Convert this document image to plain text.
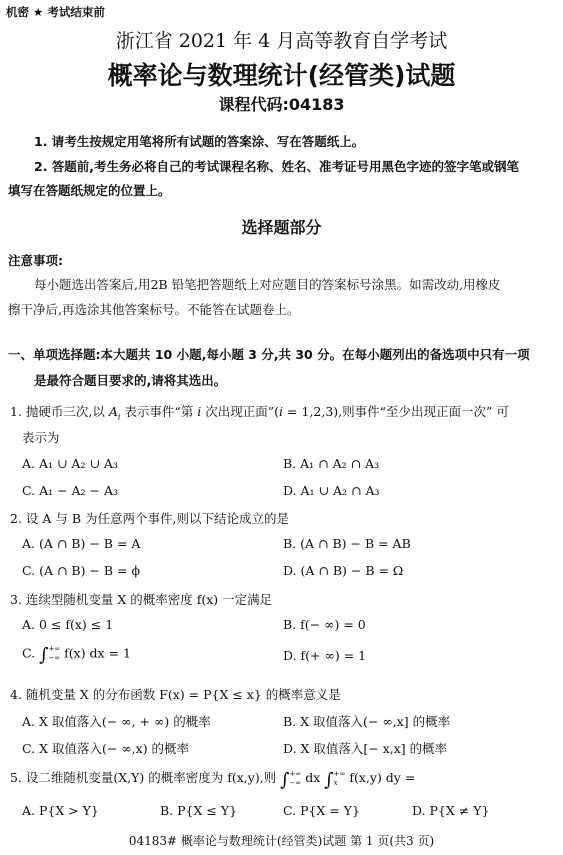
机密 ★ 考试结束前
浙江省 2021 年 4 月高等教育自学考试
概率论与数理统计(经管类)试题
课程代码:04183
1. 请考生按规定用笔将所有试题的答案涂、写在答题纸上。
2. 答题前,考生务必将自己的考试课程名称、姓名、准考证号用黑色字迹的签字笔或钢笔
填写在答题纸规定的位置上。
选择题部分
注意事项:
每小题选出答案后,用2B 铅笔把答题纸上对应题目的答案标号涂黑。如需改动,用橡皮
擦干净后,再选涂其他答案标号。不能答在试题卷上。
一、单项选择题:本大题共 10 小题,每小题 3 分,共 30 分。在每小题列出的备选项中只有一项
是最符合题目要求的,请将其选出。
1. 抛硬币三次,以 $A_i$ 表示事件“第 i 次出现正面”(i = 1,2,3),则事件“至少出现正面一次” 可
表示为
A. A₁ ∪ A₂ ∪ A₃	B. A₁ ∩ A₂ ∩ A₃
C. A₁ − A₂ − A₃	D. A₁ ∪ A₂ ∩ A₃
2. 设 A 与 B 为任意两个事件,则以下结论成立的是
A. (A ∩ B) − B = A	B. (A ∩ B) − B = AB
C. (A ∩ B) − B = ϕ	D. (A ∩ B) − B = Ω
3. 连续型随机变量 X 的概率密度 f(x) 一定满足
A. 0 ≤ f(x) ≤ 1	B. f(− ∞) = 0
C. ∫ +∞
−∞ f(x) dx = 1	D. f(+ ∞) = 1
4. 随机变量 X 的分布函数 F(x) = P{X ≤ x} 的概率意义是
A. X 取值落入(− ∞, + ∞) 的概率	B. X 取值落入(− ∞,x] 的概率
C. X 取值落入(− ∞,x) 的概率	D. X 取值落入[− x,x] 的概率
5. 设二维随机变量(X,Y) 的概率密度为 f(x,y),则 ∫ +∞
−∞ dx ∫ +∞
x f(x,y) dy =
A. P{X > Y}	B. P{X ≤ Y}	C. P{X = Y}	D. P{X ≠ Y}
04183# 概率论与数理统计(经管类)试题 第 1 页(共3 页)
